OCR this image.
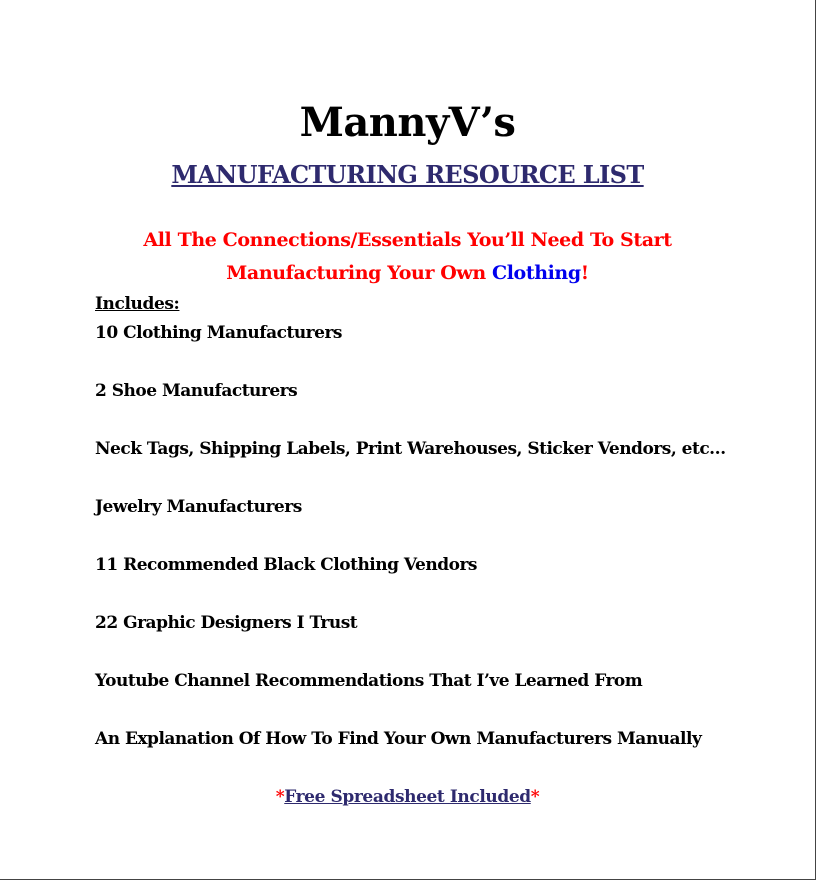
MannyV’s
MANUFACTURING RESOURCE LIST
All The Connections/Essentials You’ll Need To Start
Manufacturing Your Own Clothing!
Includes:
10 Clothing Manufacturers
2 Shoe Manufacturers
Neck Tags, Shipping Labels, Print Warehouses, Sticker Vendors, etc…
Jewelry Manufacturers
11 Recommended Black Clothing Vendors
22 Graphic Designers I Trust
Youtube Channel Recommendations That I’ve Learned From
An Explanation Of How To Find Your Own Manufacturers Manually
*Free Spreadsheet Included*
